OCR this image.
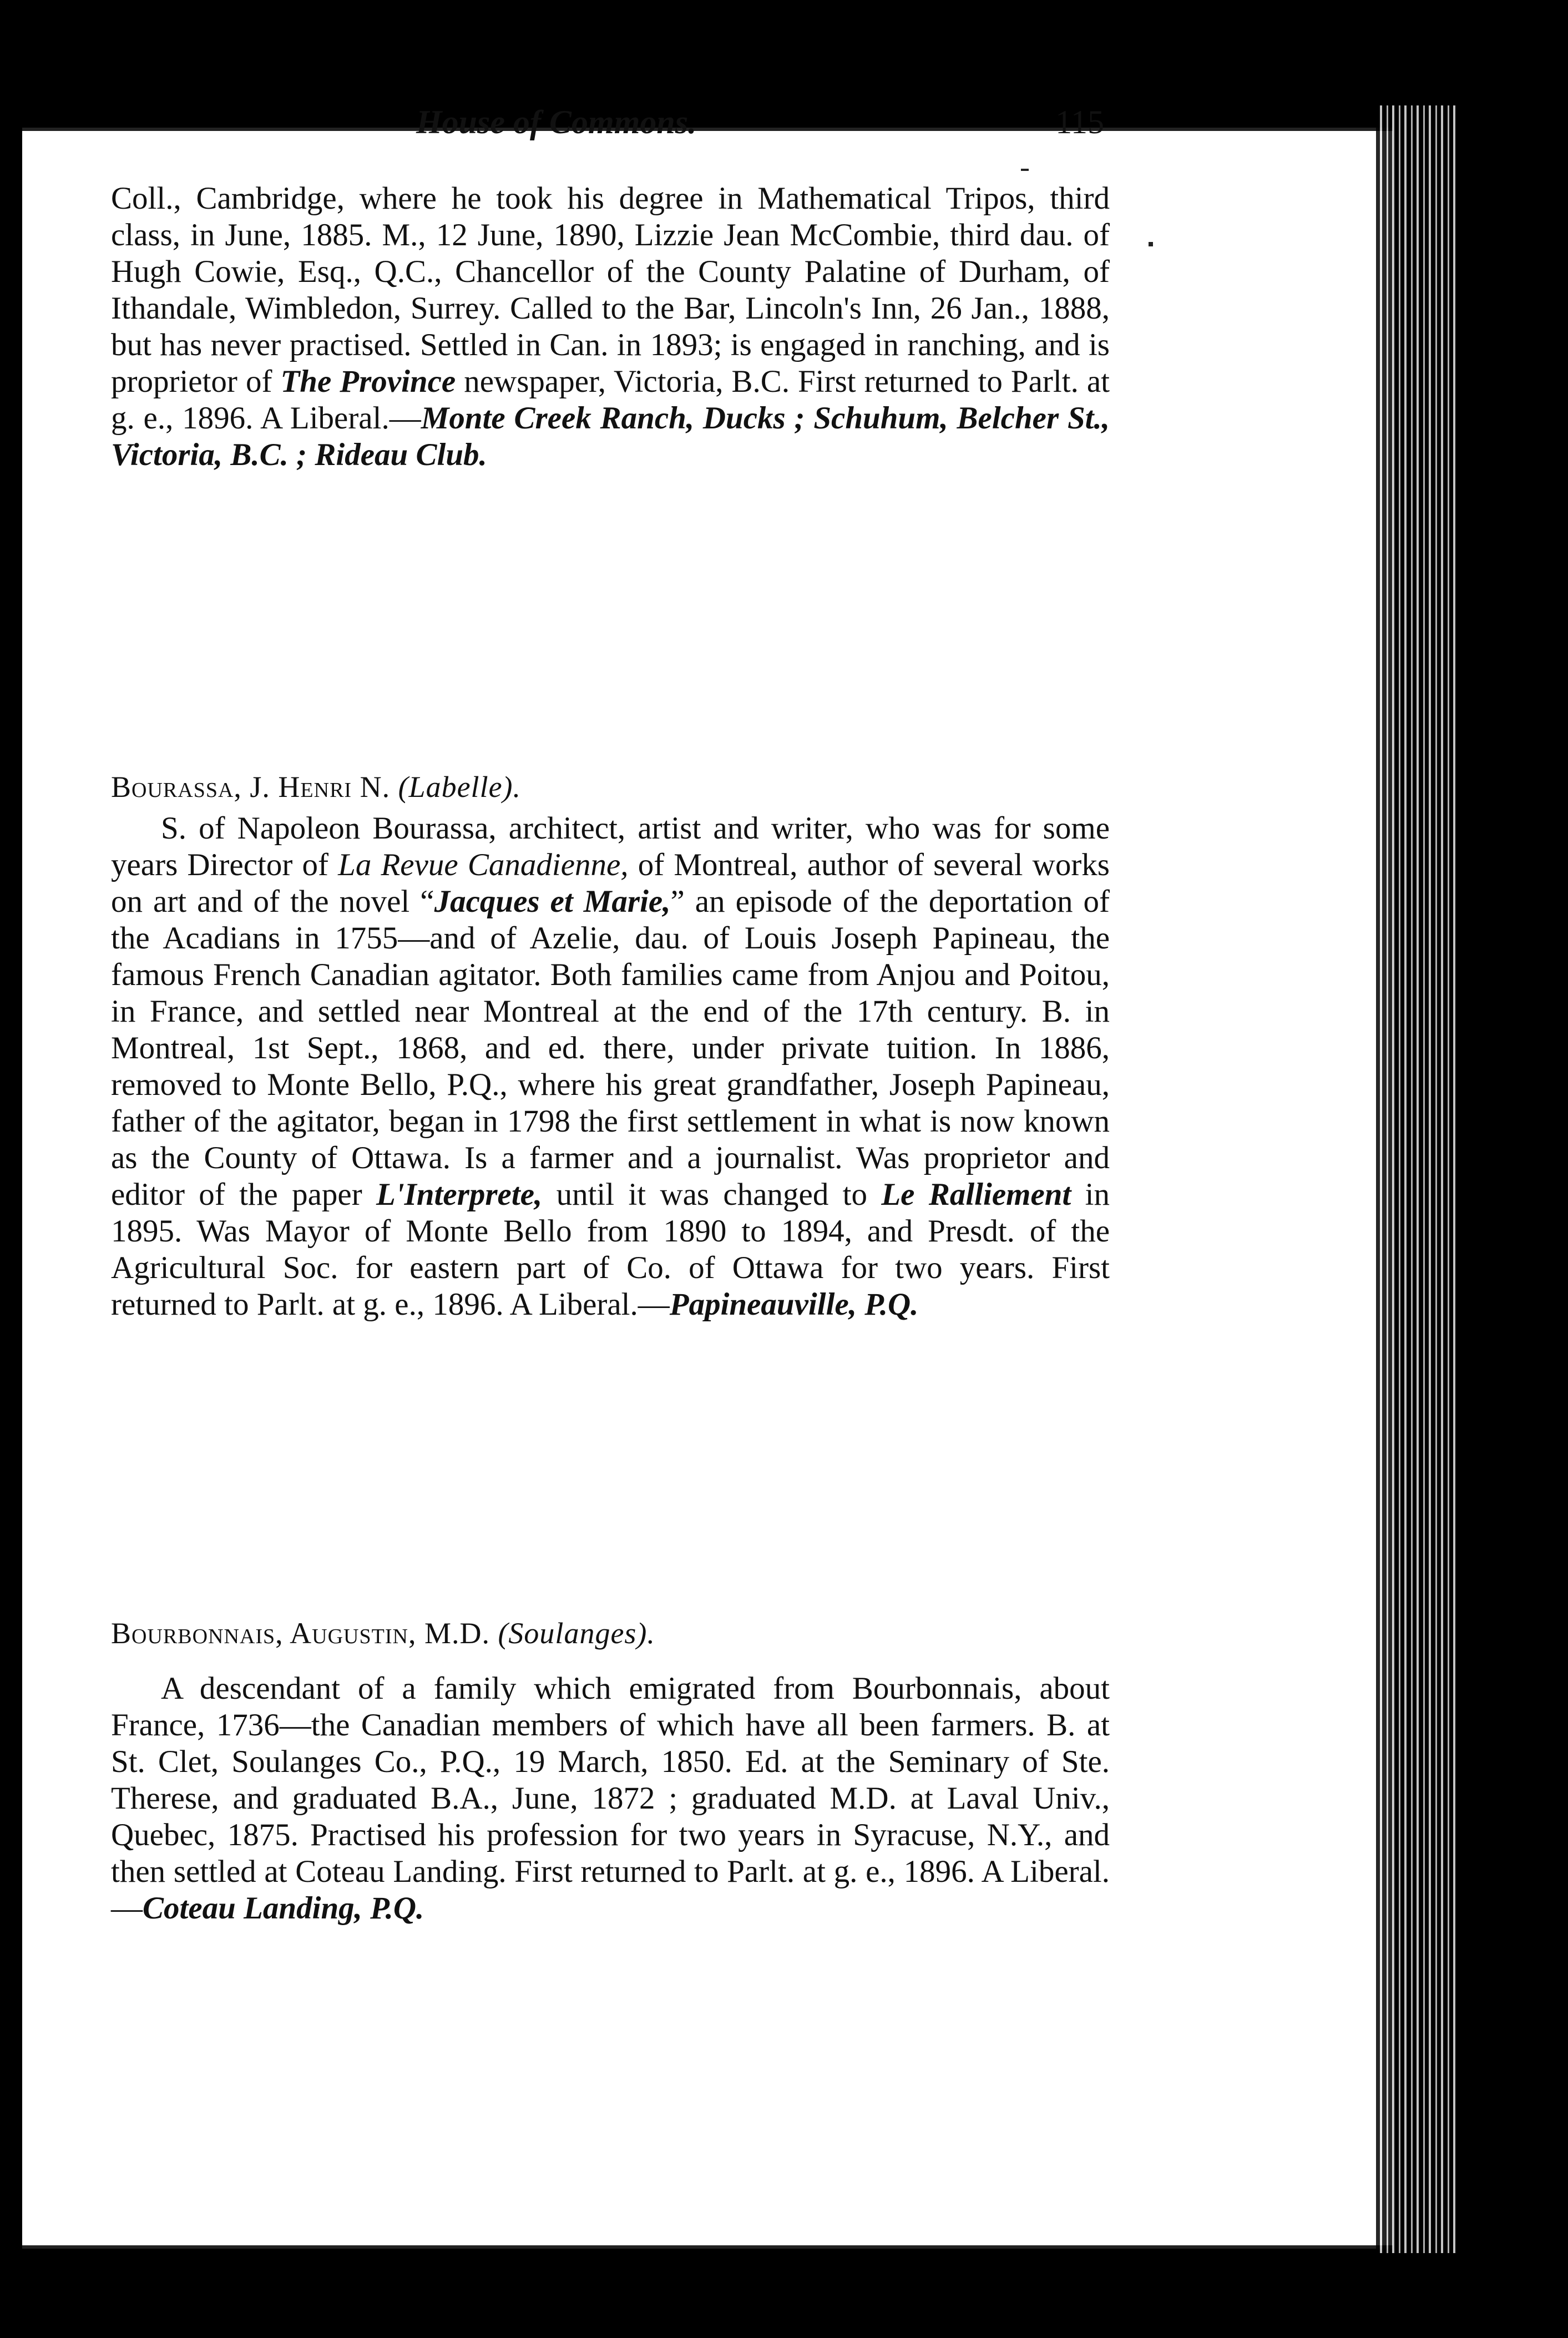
House of Commons.	115

Coll., Cambridge, where he took his degree in Mathematical Tripos, third class, in June, 1885. M., 12 June, 1890, Lizzie Jean McCombie, third dau. of Hugh Cowie, Esq., Q.C., Chancellor of the County Palatine of Durham, of Ithandale, Wimbledon, Surrey. Called to the Bar, Lincoln's Inn, 26 Jan., 1888, but has never practised. Settled in Can. in 1893; is engaged in ranching, and is proprietor of The Province newspaper, Victoria, B.C. First returned to Parlt. at g. e., 1896. A Liberal.—Monte Creek Ranch, Ducks ; Schuhum, Belcher St., Victoria, B.C. ; Rideau Club.

Bourassa, J. Henri N. (Labelle).

S. of Napoleon Bourassa, architect, artist and writer, who was for some years Director of La Revue Canadienne, of Montreal, author of several works on art and of the novel “Jacques et Marie,” an episode of the deportation of the Acadians in 1755—and of Azelie, dau. of Louis Joseph Papineau, the famous French Canadian agitator. Both families came from Anjou and Poitou, in France, and settled near Montreal at the end of the 17th century. B. in Montreal, 1st Sept., 1868, and ed. there, under private tuition. In 1886, removed to Monte Bello, P.Q., where his great grandfather, Joseph Papineau, father of the agitator, began in 1798 the first settlement in what is now known as the County of Ottawa. Is a farmer and a journalist. Was proprietor and editor of the paper L'Interprete, until it was changed to Le Ralliement in 1895. Was Mayor of Monte Bello from 1890 to 1894, and Presdt. of the Agricultural Soc. for eastern part of Co. of Ottawa for two years. First returned to Parlt. at g. e., 1896. A Liberal.—Papineauville, P.Q.

Bourbonnais, Augustin, M.D. (Soulanges).

A descendant of a family which emigrated from Bourbonnais, about France, 1736—the Canadian members of which have all been farmers. B. at St. Clet, Soulanges Co., P.Q., 19 March, 1850. Ed. at the Seminary of Ste. Therese, and graduated B.A., June, 1872 ; graduated M.D. at Laval Univ., Quebec, 1875. Practised his profession for two years in Syracuse, N.Y., and then settled at Coteau Landing. First returned to Parlt. at g. e., 1896. A Liberal.—Coteau Landing, P.Q.
